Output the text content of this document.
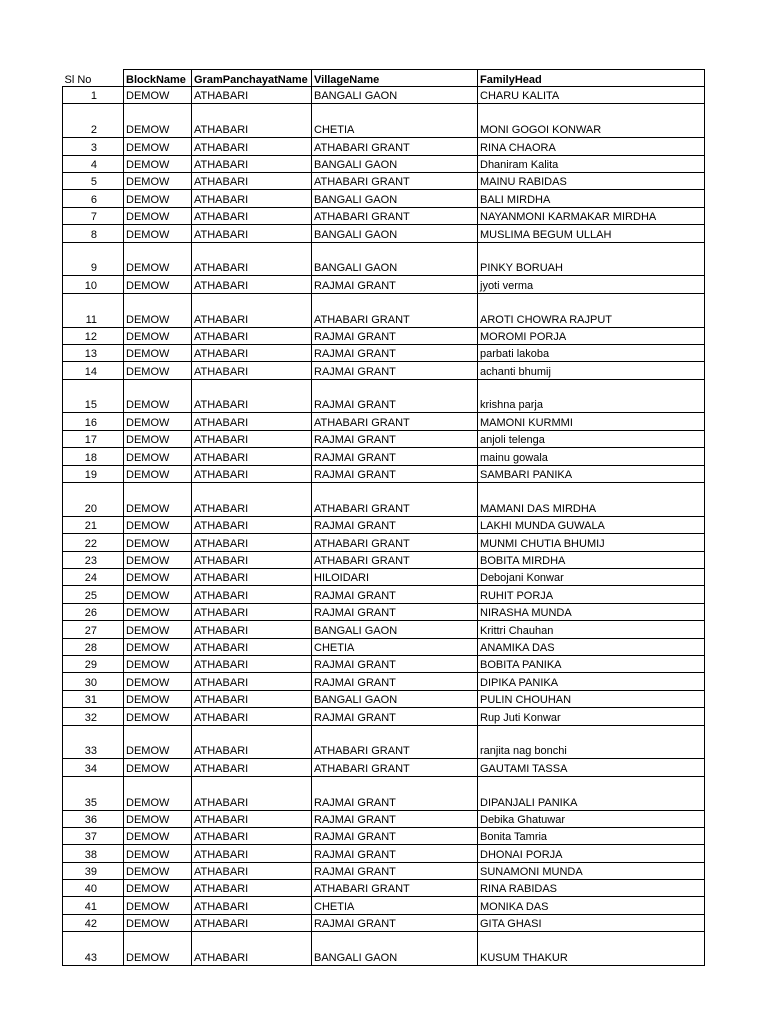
Sl No	BlockName	GramPanchayatName	VillageName	FamilyHead
1	DEMOW	ATHABARI	BANGALI GAON	CHARU KALITA
2	DEMOW	ATHABARI	CHETIA	MONI GOGOI KONWAR
3	DEMOW	ATHABARI	ATHABARI GRANT	RINA CHAORA
4	DEMOW	ATHABARI	BANGALI GAON	Dhaniram Kalita
5	DEMOW	ATHABARI	ATHABARI GRANT	MAINU RABIDAS
6	DEMOW	ATHABARI	BANGALI GAON	BALI MIRDHA
7	DEMOW	ATHABARI	ATHABARI GRANT	NAYANMONI KARMAKAR MIRDHA
8	DEMOW	ATHABARI	BANGALI GAON	MUSLIMA BEGUM ULLAH
9	DEMOW	ATHABARI	BANGALI GAON	PINKY BORUAH
10	DEMOW	ATHABARI	RAJMAI GRANT	jyoti verma
11	DEMOW	ATHABARI	ATHABARI GRANT	AROTI CHOWRA RAJPUT
12	DEMOW	ATHABARI	RAJMAI GRANT	MOROMI PORJA
13	DEMOW	ATHABARI	RAJMAI GRANT	parbati lakoba
14	DEMOW	ATHABARI	RAJMAI GRANT	achanti bhumij
15	DEMOW	ATHABARI	RAJMAI GRANT	krishna parja
16	DEMOW	ATHABARI	ATHABARI GRANT	MAMONI KURMMI
17	DEMOW	ATHABARI	RAJMAI GRANT	anjoli telenga
18	DEMOW	ATHABARI	RAJMAI GRANT	mainu gowala
19	DEMOW	ATHABARI	RAJMAI GRANT	SAMBARI PANIKA
20	DEMOW	ATHABARI	ATHABARI GRANT	MAMANI DAS MIRDHA
21	DEMOW	ATHABARI	RAJMAI GRANT	LAKHI MUNDA GUWALA
22	DEMOW	ATHABARI	ATHABARI GRANT	MUNMI CHUTIA BHUMIJ
23	DEMOW	ATHABARI	ATHABARI GRANT	BOBITA MIRDHA
24	DEMOW	ATHABARI	HILOIDARI	Debojani Konwar
25	DEMOW	ATHABARI	RAJMAI GRANT	RUHIT PORJA
26	DEMOW	ATHABARI	RAJMAI GRANT	NIRASHA MUNDA
27	DEMOW	ATHABARI	BANGALI GAON	Krittri Chauhan
28	DEMOW	ATHABARI	CHETIA	ANAMIKA DAS
29	DEMOW	ATHABARI	RAJMAI GRANT	BOBITA PANIKA
30	DEMOW	ATHABARI	RAJMAI GRANT	DIPIKA PANIKA
31	DEMOW	ATHABARI	BANGALI GAON	PULIN CHOUHAN
32	DEMOW	ATHABARI	RAJMAI GRANT	Rup Juti Konwar
33	DEMOW	ATHABARI	ATHABARI GRANT	ranjita nag bonchi
34	DEMOW	ATHABARI	ATHABARI GRANT	GAUTAMI TASSA
35	DEMOW	ATHABARI	RAJMAI GRANT	DIPANJALI PANIKA
36	DEMOW	ATHABARI	RAJMAI GRANT	Debika Ghatuwar
37	DEMOW	ATHABARI	RAJMAI GRANT	Bonita Tamria
38	DEMOW	ATHABARI	RAJMAI GRANT	DHONAI PORJA
39	DEMOW	ATHABARI	RAJMAI GRANT	SUNAMONI MUNDA
40	DEMOW	ATHABARI	ATHABARI GRANT	RINA RABIDAS
41	DEMOW	ATHABARI	CHETIA	MONIKA DAS
42	DEMOW	ATHABARI	RAJMAI GRANT	GITA GHASI
43	DEMOW	ATHABARI	BANGALI GAON	KUSUM THAKUR
